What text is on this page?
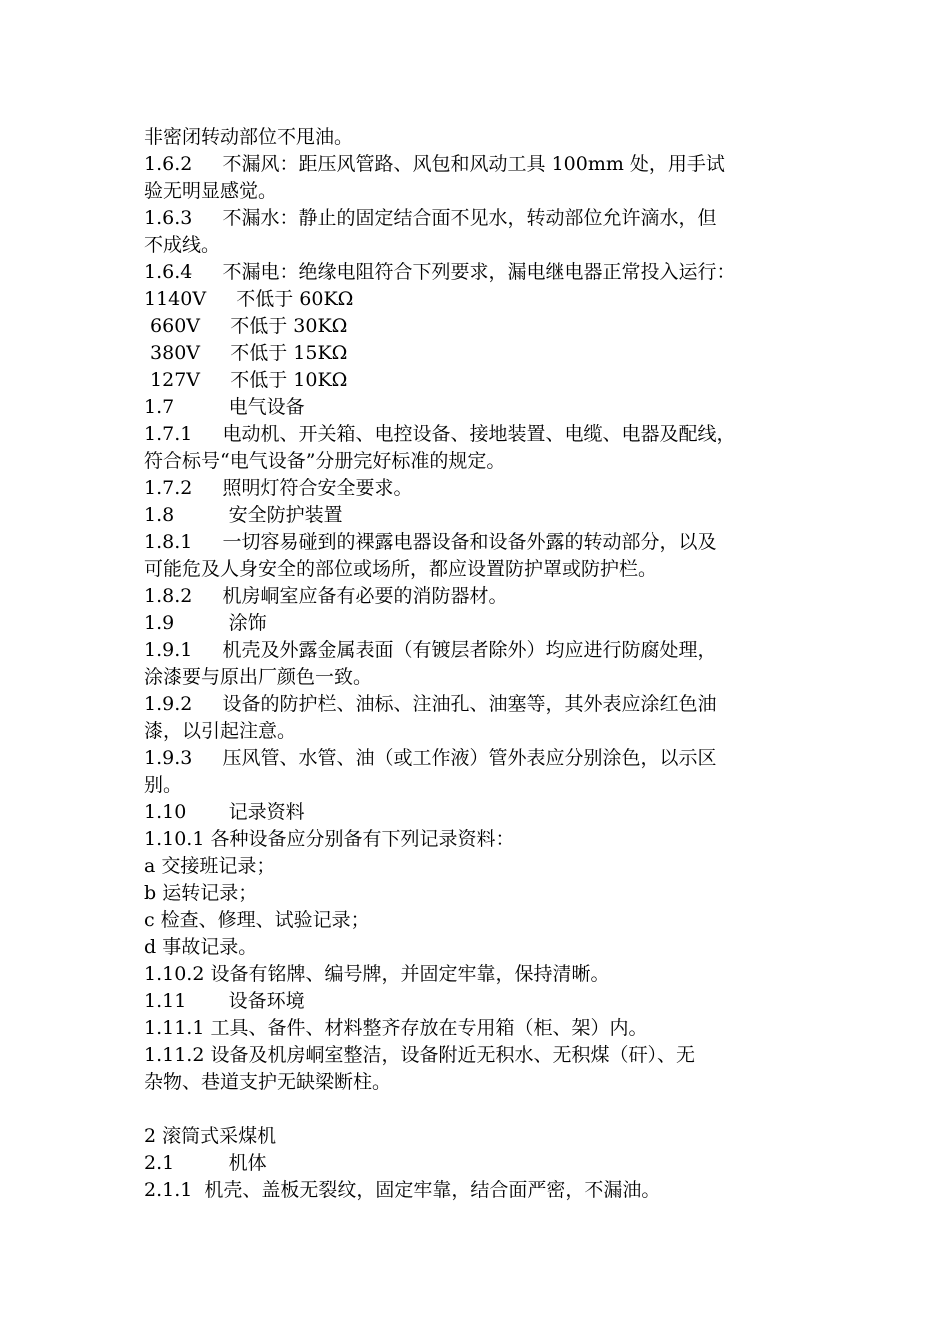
非密闭转动部位不甩油。
1.6.2     不漏风：距压风管路、风包和风动工具 100mm 处，用手试
验无明显感觉。
1.6.3     不漏水：静止的固定结合面不见水，转动部位允许滴水，但
不成线。
1.6.4     不漏电：绝缘电阻符合下列要求，漏电继电器正常投入运行：
1140V     不低于 60KΩ
660V     不低于 30KΩ
380V     不低于 15KΩ
127V     不低于 10KΩ
1.7         电气设备
1.7.1     电动机、开关箱、电控设备、接地装置、电缆、电器及配线，
符合标号“电气设备”分册完好标准的规定。
1.7.2     照明灯符合安全要求。
1.8         安全防护装置
1.8.1     一切容易碰到的裸露电器设备和设备外露的转动部分，以及
可能危及人身安全的部位或场所，都应设置防护罩或防护栏。
1.8.2     机房峒室应备有必要的消防器材。
1.9         涂饰
1.9.1     机壳及外露金属表面（有镀层者除外）均应进行防腐处理，
涂漆要与原出厂颜色一致。
1.9.2     设备的防护栏、油标、注油孔、油塞等，其外表应涂红色油
漆，以引起注意。
1.9.3     压风管、水管、油（或工作液）管外表应分别涂色，以示区
别。
1.10       记录资料
1.10.1 各种设备应分别备有下列记录资料：
a 交接班记录；
b 运转记录；
c 检查、修理、试验记录；
d 事故记录。
1.10.2 设备有铭牌、编号牌，并固定牢靠，保持清晰。
1.11       设备环境
1.11.1 工具、备件、材料整齐存放在专用箱（柜、架）内。
1.11.2 设备及机房峒室整洁，设备附近无积水、无积煤（矸）、无
杂物、巷道支护无缺梁断柱。
2 滚筒式采煤机
2.1         机体
2.1.1  机壳、盖板无裂纹，固定牢靠，结合面严密，不漏油。
